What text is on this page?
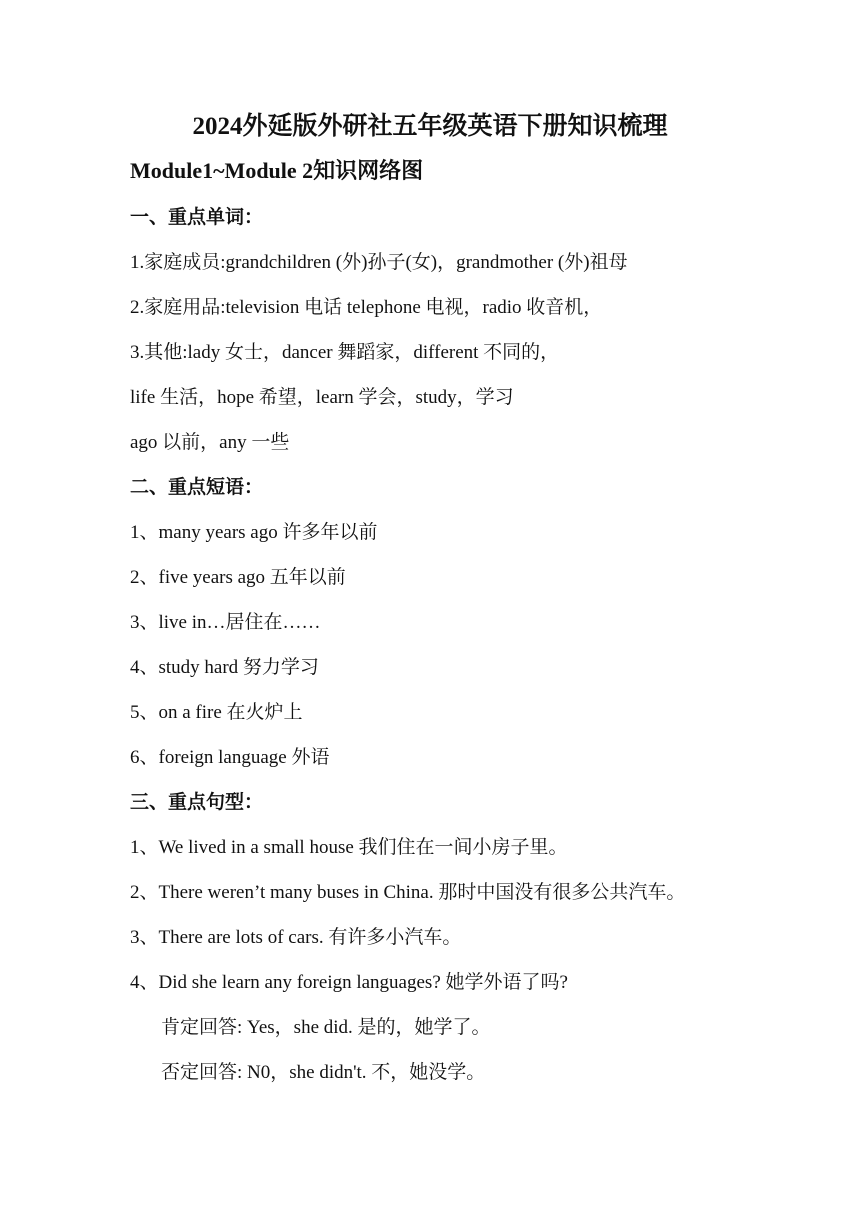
2024外延版外研社五年级英语下册知识梳理
Module1~Module 2知识网络图
一、重点单词：
1.家庭成员:grandchildren (外)孙子(女)，grandmother (外)祖母
2.家庭用品:television 电话 telephone 电视，radio 收音机，
3.其他:lady 女士，dancer 舞蹈家，different 不同的，
life 生活，hope 希望，learn 学会，study，学习
ago 以前，any 一些
二、重点短语：
1、many years ago 许多年以前
2、five years ago 五年以前
3、live in…居住在……
4、study hard 努力学习
5、on a fire 在火炉上
6、foreign language 外语
三、重点句型：
1、We lived in a small house 我们住在一间小房子里。
2、There weren’t many buses in China. 那时中国没有很多公共汽车。
3、There are lots of cars. 有许多小汽车。
4、Did she learn any foreign languages? 她学外语了吗?
肯定回答: Yes，she did. 是的，她学了。
否定回答: N0，she didn't. 不，她没学。
